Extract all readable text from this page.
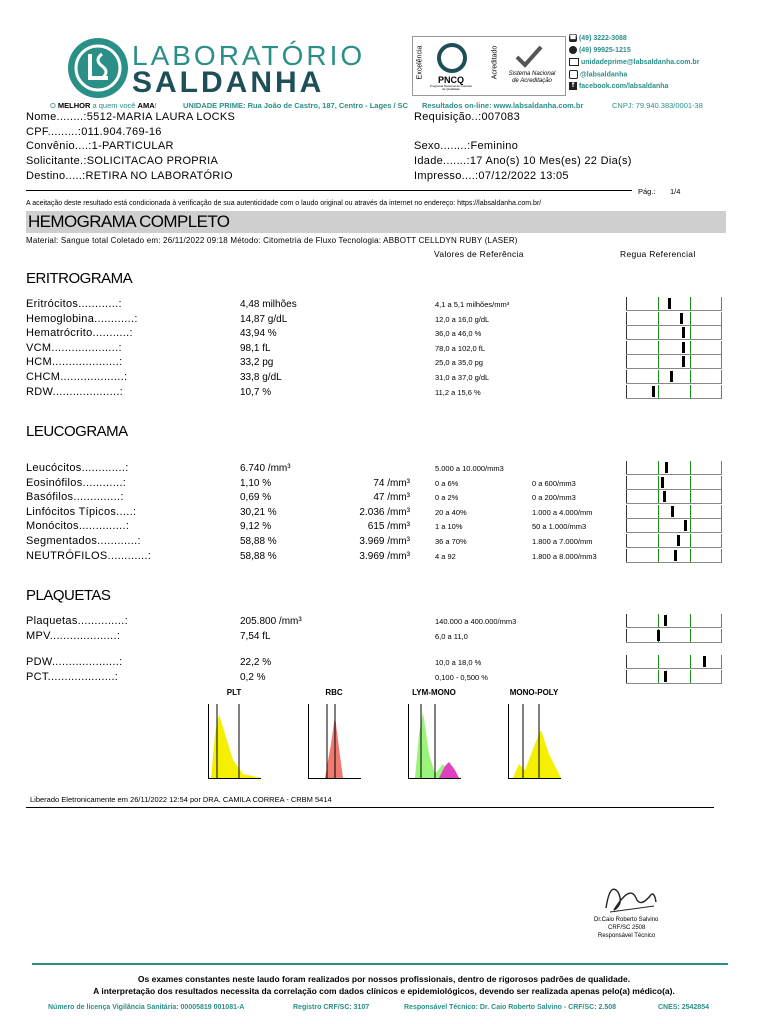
LABORATÓRIO
SALDANHA
O MELHOR a quem você AMA!	UNIDADE PRIME: Rua João de Castro, 187, Centro - Lages / SC Resultados on-line: www.labsaldanha.com.br	CNPJ: 79.940.383/0001-38
Excelência
PNCQ
Programa Nacional de Controle de Qualidade
Acreditado	Sistema Nacional de Acreditação
☎ (49) 3222-3088
(49) 99925-1215
unidadeprime@labsaldanha.com.br
@labsaldanha
f facebook.com/labsaldanha
Nome........:5512-MARIA LAURA LOCKS
CPF.........:011.904.769-16
Convênio....:1-PARTICULAR
Solicitante.:SOLICITACAO PROPRIA
Destino.....:RETIRA NO LABORATÓRIO
Requisição..:007083
Sexo........:Feminino
Idade.......:17 Ano(s) 10 Mes(es) 22 Dia(s)
Impresso....:07/12/2022 13:05
Pág.: 1/4
A aceitação deste resultado está condicionada à verificação de sua autenticidade com o laudo original ou através da internet no endereço: https://labsaldanha.com.br/
HEMOGRAMA COMPLETO
Material: Sangue total Coletado em: 26/11/2022 09:18 Método: Citometria de Fluxo Tecnologia: ABBOTT CELLDYN RUBY (LASER)
Valores de Referência	Regua Referencial
ERITROGRAMA
Eritrócitos............:	4,48 milhões	4,1 a 5,1 milhões/mm³
Hemoglobina............:	14,87 g/dL	12,0 a 16,0 g/dL
Hematrócrito...........:	43,94 %	36,0 a 46,0 %
VCM....................:	98,1 fL	78,0 a 102,0 fL
HCM....................:	33,2 pg	25,0 a 35,0 pg
CHCM...................:	33,8 g/dL	31,0 a 37,0 g/dL
RDW....................:	10,7 %	11,2 a 15,6 %
LEUCOGRAMA
Leucócitos.............:	6.740 /mm³	5.000 a 10.000/mm3
Eosinófilos............:	1,10 %	74 /mm³	0 a 6%	0 a 600/mm3
Basófilos..............:	0,69 %	47 /mm³	0 a 2%	0 a 200/mm3
Linfócitos Típicos.....:	30,21 %	2.036 /mm³	20 a 40%	1.000 a 4.000/mm
Monócitos..............:	9,12 %	615 /mm³	1 a 10%	50 a 1.000/mm3
Segmentados............:	58,88 %	3.969 /mm³	36 a 70%	1.800 a 7.000/mm
NEUTRÓFILOS............:	58,88 %	3.969 /mm³	4 a 92	1.800 a 8.000/mm3
PLAQUETAS
Plaquetas..............:	205.800 /mm³	140.000 a 400.000/mm3
MPV....................:	7,54 fL	6,0 a 11,0
PDW....................:	22,2 %	10,0 a 18,0 %
PCT....................:	0,2 %	0,100 - 0,500 %
PLT	RBC	LYM-MONO	MONO-POLY
Liberado Eletronicamente em 26/11/2022 12:54 por DRA. CAMILA CORREA - CRBM 5414
Dr.Caio Roberto Salvino
CRF/SC 2508
Responsável Técnico
Os exames constantes neste laudo foram realizados por nossos profissionais, dentro de rigorosos padrões de qualidade.
A interpretação dos resultados necessita da correlação com dados clínicos e epidemiológicos, devendo ser realizada apenas pelo(a) médico(a).
Número de licença Vigilância Sanitária: 00005819 001081-A	Registro CRF/SC: 3107	Responsável Técnico: Dr. Caio Roberto Salvino - CRF/SC: 2.508	CNES: 2542854
